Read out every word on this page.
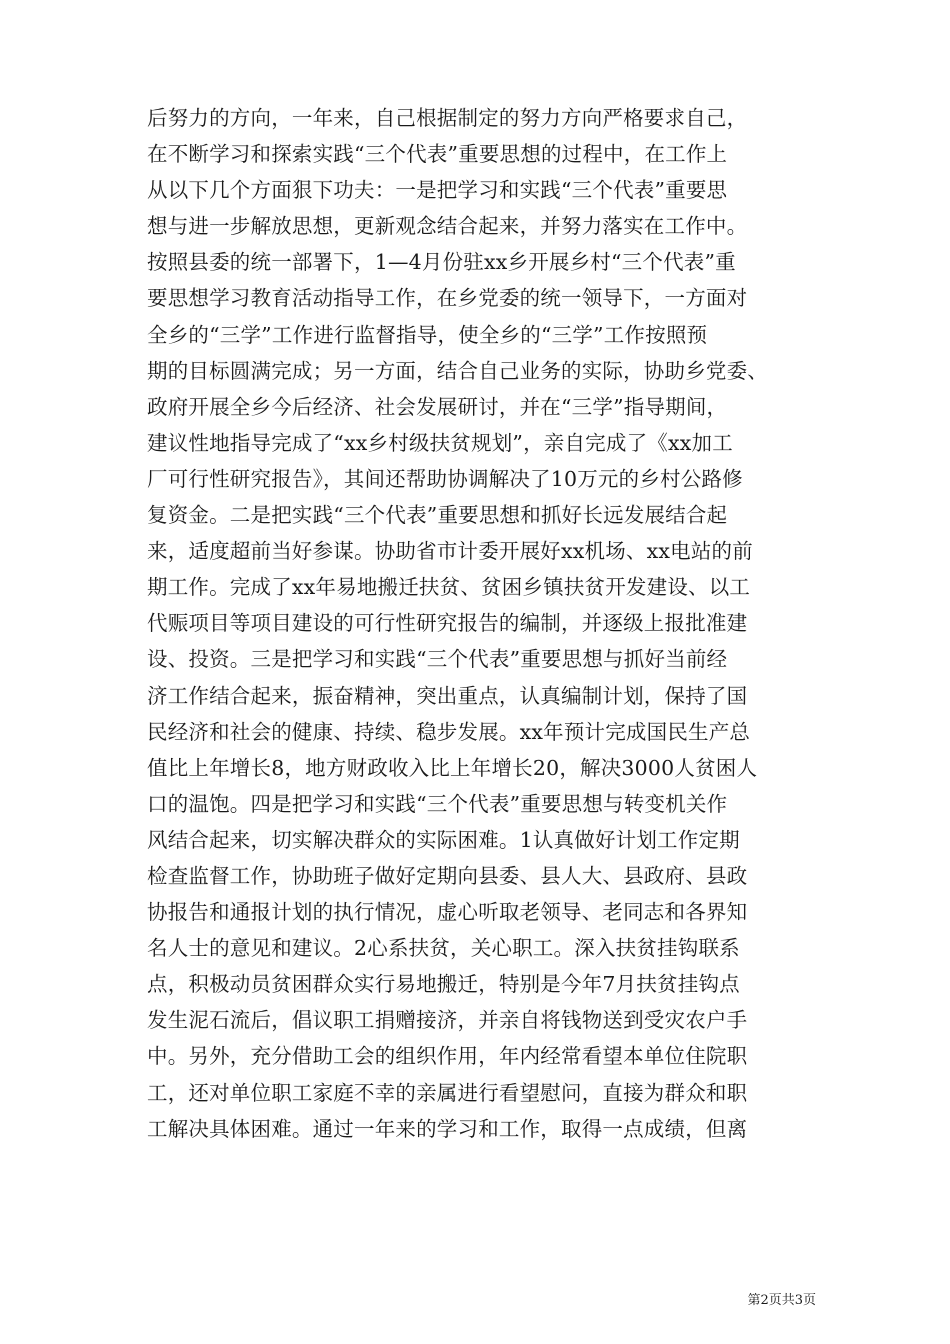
后努力的方向，一年来，自己根据制定的努力方向严格要求自己，
在不断学习和探索实践“三个代表”重要思想的过程中，在工作上
从以下几个方面狠下功夫：一是把学习和实践“三个代表”重要思
想与进一步解放思想，更新观念结合起来，并努力落实在工作中。
按照县委的统一部署下，1—4月份驻xx乡开展乡村“三个代表”重
要思想学习教育活动指导工作，在乡党委的统一领导下，一方面对
全乡的“三学”工作进行监督指导，使全乡的“三学”工作按照预
期的目标圆满完成；另一方面，结合自己业务的实际，协助乡党委、
政府开展全乡今后经济、社会发展研讨，并在“三学”指导期间，
建议性地指导完成了“xx乡村级扶贫规划”，亲自完成了《xx加工
厂可行性研究报告》，其间还帮助协调解决了10万元的乡村公路修
复资金。二是把实践“三个代表”重要思想和抓好长远发展结合起
来，适度超前当好参谋。协助省市计委开展好xx机场、xx电站的前
期工作。完成了xx年易地搬迁扶贫、贫困乡镇扶贫开发建设、以工
代赈项目等项目建设的可行性研究报告的编制，并逐级上报批准建
设、投资。三是把学习和实践“三个代表”重要思想与抓好当前经
济工作结合起来，振奋精神，突出重点，认真编制计划，保持了国
民经济和社会的健康、持续、稳步发展。xx年预计完成国民生产总
值比上年增长8，地方财政收入比上年增长20，解决3000人贫困人
口的温饱。四是把学习和实践“三个代表”重要思想与转变机关作
风结合起来，切实解决群众的实际困难。1认真做好计划工作定期
检查监督工作，协助班子做好定期向县委、县人大、县政府、县政
协报告和通报计划的执行情况，虚心听取老领导、老同志和各界知
名人士的意见和建议。2心系扶贫，关心职工。深入扶贫挂钩联系
点，积极动员贫困群众实行易地搬迁，特别是今年7月扶贫挂钩点
发生泥石流后，倡议职工捐赠接济，并亲自将钱物送到受灾农户手
中。另外，充分借助工会的组织作用，年内经常看望本单位住院职
工，还对单位职工家庭不幸的亲属进行看望慰问，直接为群众和职
工解决具体困难。通过一年来的学习和工作，取得一点成绩，但离
第2页共3页
